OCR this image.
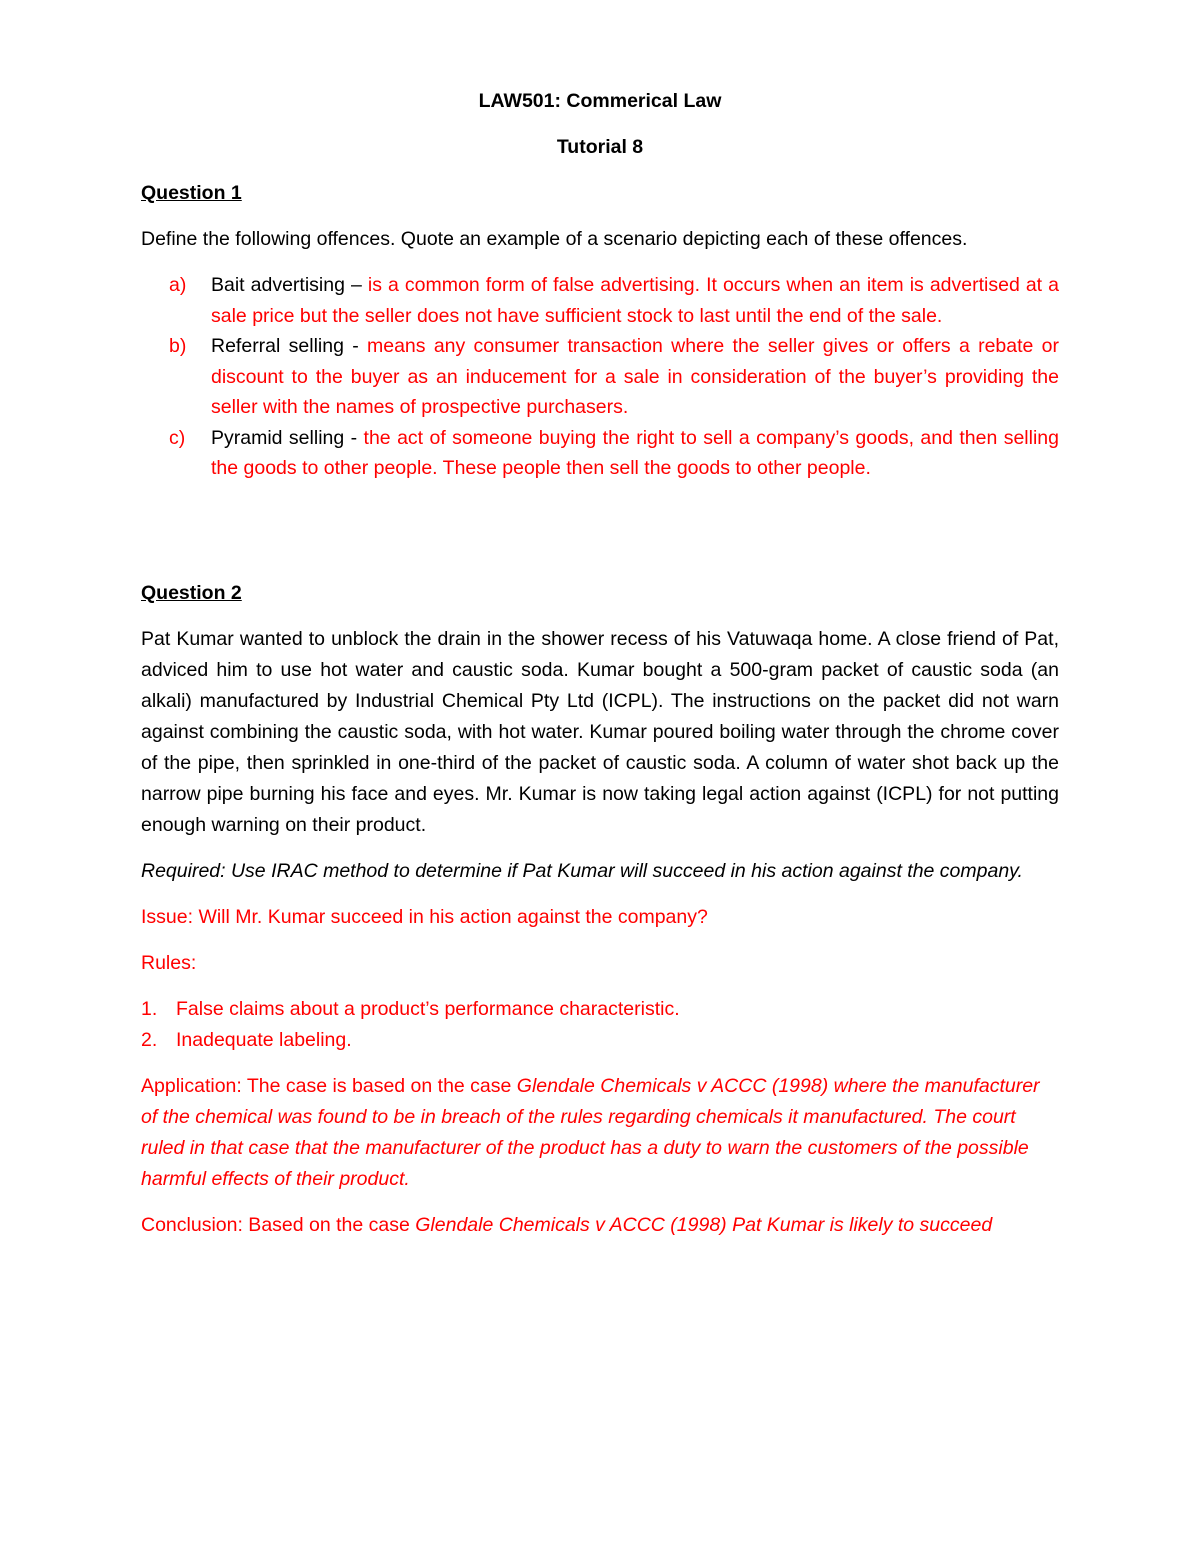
LAW501: Commerical Law

Tutorial 8

Question 1

Define the following offences. Quote an example of a scenario depicting each of these offences.

a) Bait advertising – is a common form of false advertising. It occurs when an item is advertised at a sale price but the seller does not have sufficient stock to last until the end of the sale.
b) Referral selling - means any consumer transaction where the seller gives or offers a rebate or discount to the buyer as an inducement for a sale in consideration of the buyer’s providing the seller with the names of prospective purchasers.
c) Pyramid selling - the act of someone buying the right to sell a company’s goods, and then selling the goods to other people. These people then sell the goods to other people.

Question 2

Pat Kumar wanted to unblock the drain in the shower recess of his Vatuwaqa home. A close friend of Pat, adviced him to use hot water and caustic soda. Kumar bought a 500-gram packet of caustic soda (an alkali) manufactured by Industrial Chemical Pty Ltd (ICPL). The instructions on the packet did not warn against combining the caustic soda, with hot water. Kumar poured boiling water through the chrome cover of the pipe, then sprinkled in one-third of the packet of caustic soda. A column of water shot back up the narrow pipe burning his face and eyes. Mr. Kumar is now taking legal action against (ICPL) for not putting enough warning on their product.

Required: Use IRAC method to determine if Pat Kumar will succeed in his action against the company.

Issue: Will Mr. Kumar succeed in his action against the company?

Rules:

1. False claims about a product’s performance characteristic.
2. Inadequate labeling.

Application: The case is based on the case Glendale Chemicals v ACCC (1998) where the manufacturer of the chemical was found to be in breach of the rules regarding chemicals it manufactured. The court ruled in that case that the manufacturer of the product has a duty to warn the customers of the possible harmful effects of their product.

Conclusion: Based on the case Glendale Chemicals v ACCC (1998) Pat Kumar is likely to succeed
